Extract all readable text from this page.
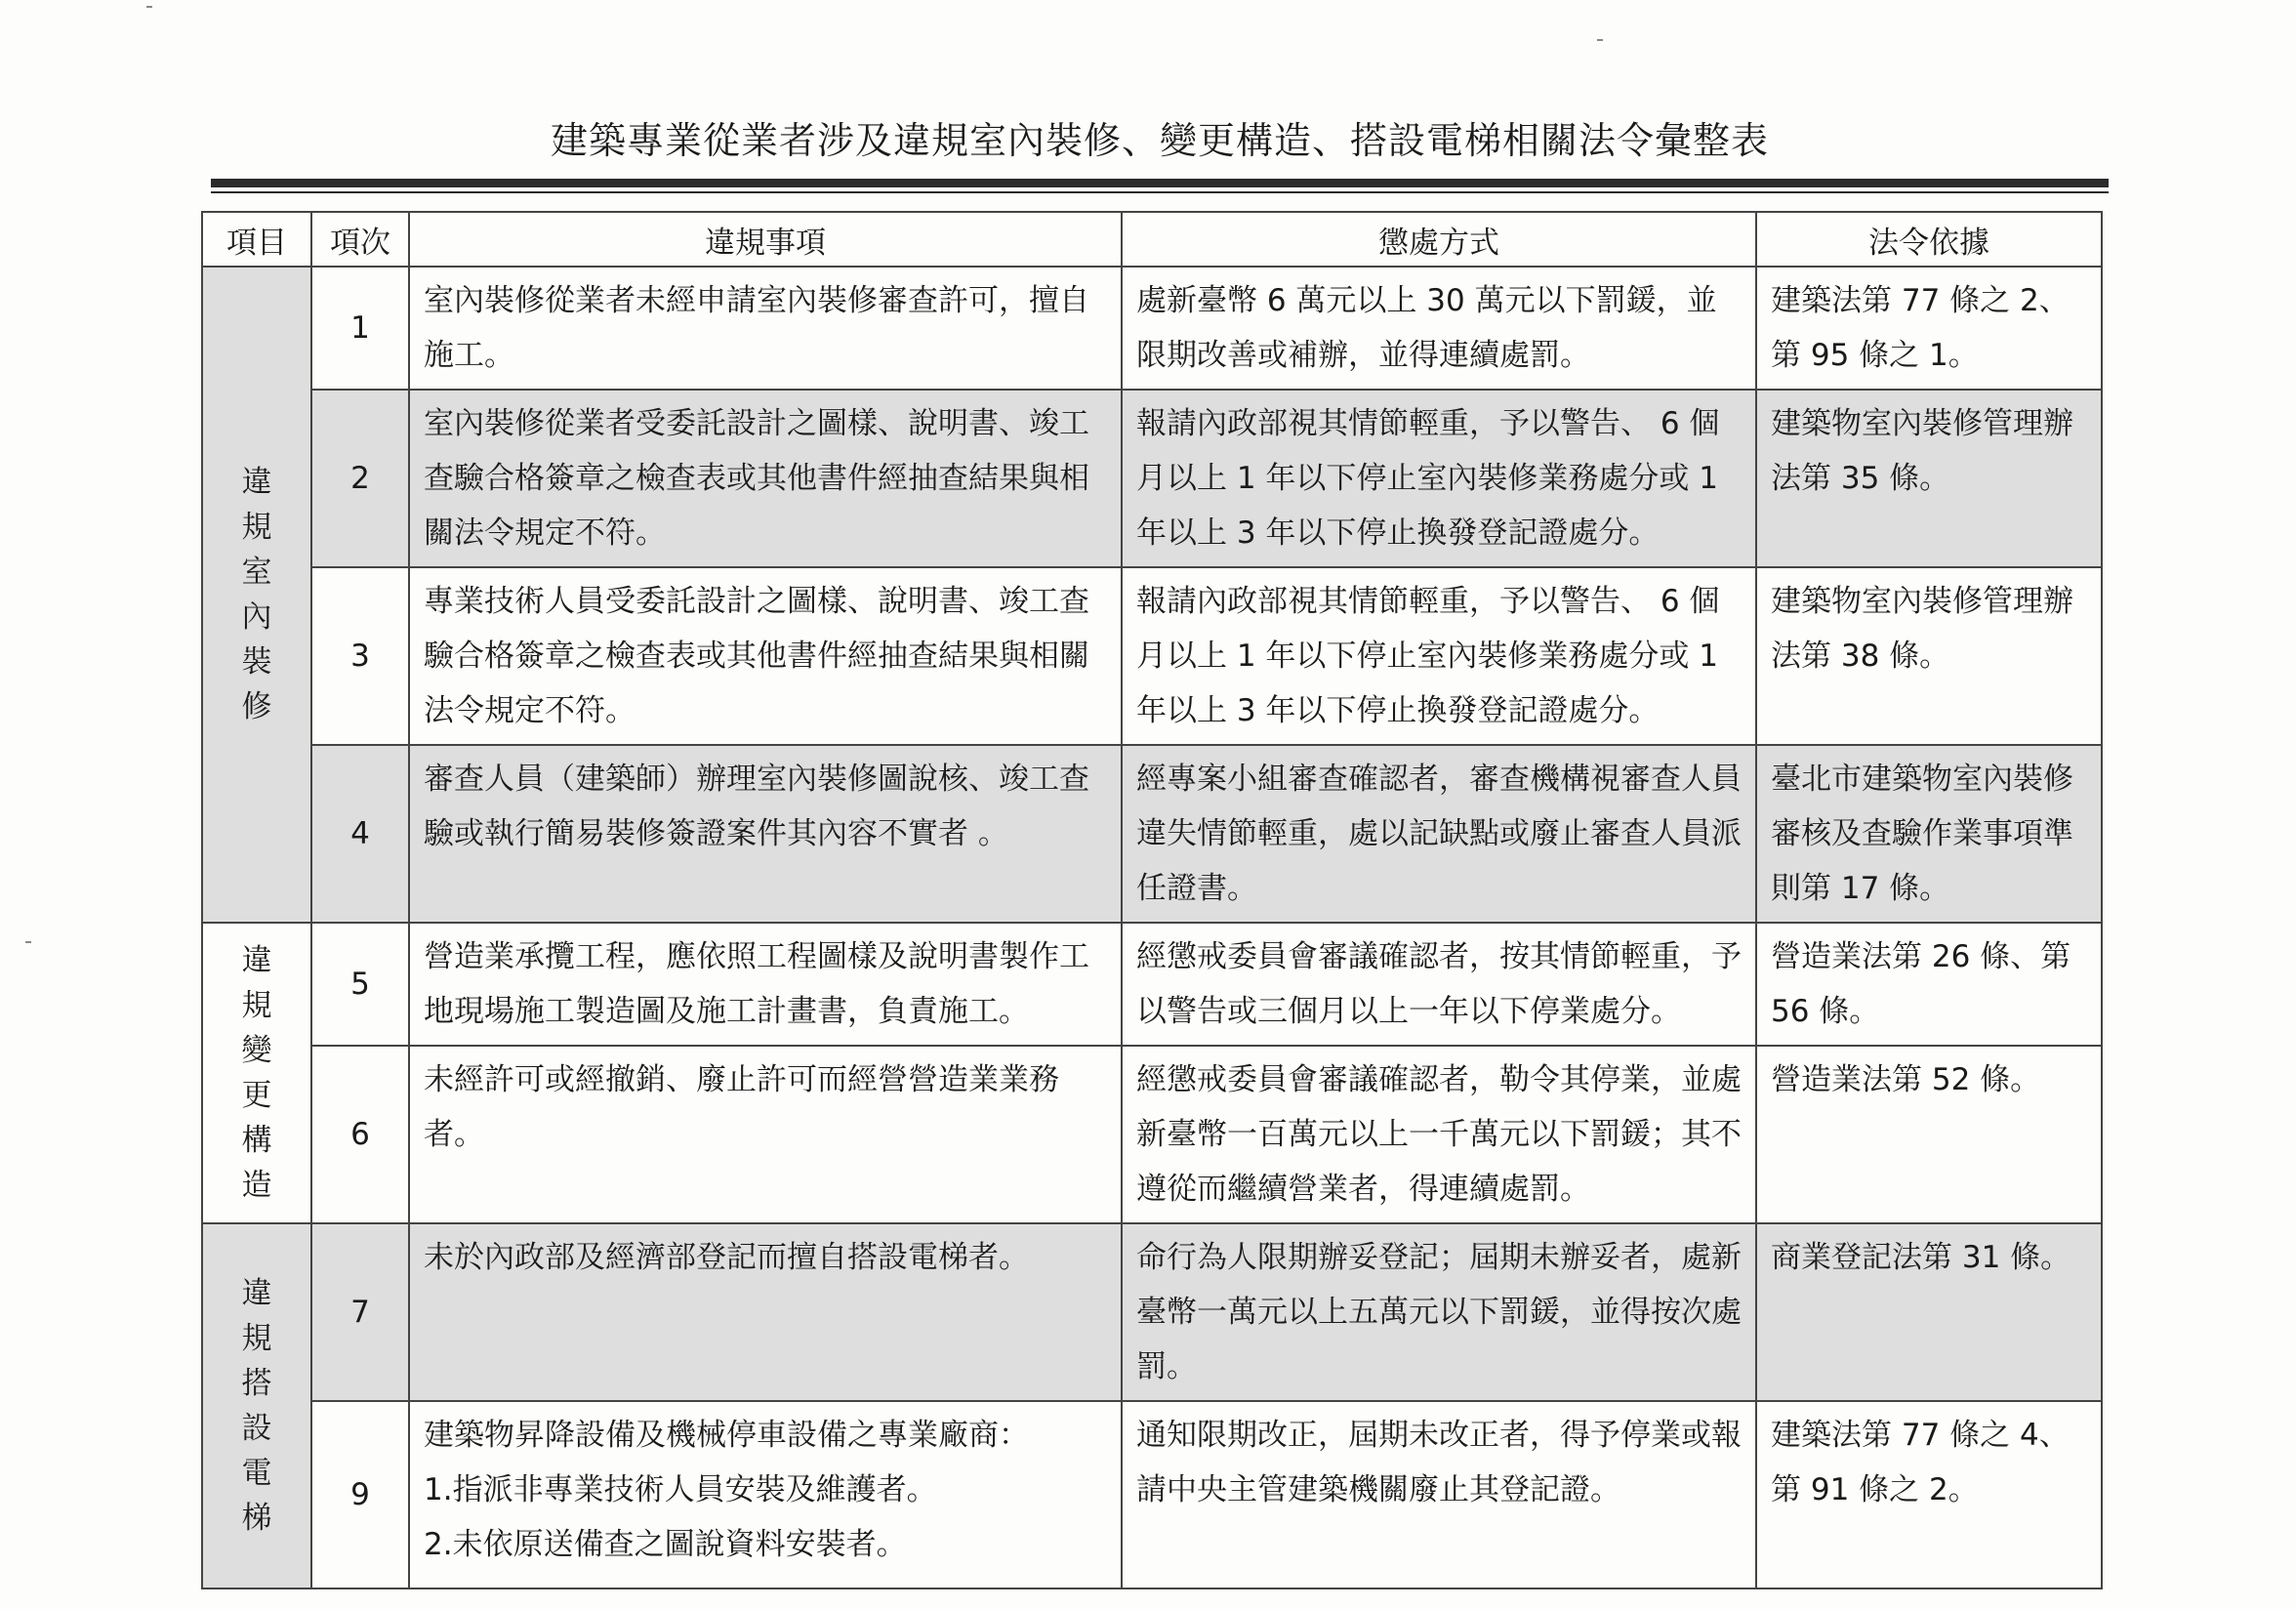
建築專業從業者涉及違規室內裝修、變更構造、搭設電梯相關法令彙整表
項目	項次	違規事項	懲處方式	法令依據
違規室內裝修	1	室內裝修從業者未經申請室內裝修審查許可，擅自施工。	處新臺幣 6 萬元以上 30 萬元以下罰鍰，並限期改善或補辦，並得連續處罰。	建築法第 77 條之 2、第 95 條之 1。
	2	室內裝修從業者受委託設計之圖樣、說明書、竣工查驗合格簽章之檢查表或其他書件經抽查結果與相關法令規定不符。	報請內政部視其情節輕重，予以警告、 6 個月以上 1 年以下停止室內裝修業務處分或 1 年以上 3 年以下停止換發登記證處分。	建築物室內裝修管理辦法第 35 條。
	3	專業技術人員受委託設計之圖樣、說明書、竣工查驗合格簽章之檢查表或其他書件經抽查結果與相關法令規定不符。	報請內政部視其情節輕重，予以警告、 6 個月以上 1 年以下停止室內裝修業務處分或 1 年以上 3 年以下停止換發登記證處分。	建築物室內裝修管理辦法第 38 條。
	4	審查人員（建築師）辦理室內裝修圖說核、竣工查驗或執行簡易裝修簽證案件其內容不實者 。	經專案小組審查確認者，審查機構視審查人員違失情節輕重，處以記缺點或廢止審查人員派任證書。	臺北市建築物室內裝修審核及查驗作業事項準則第 17 條。
違規變更構造	5	營造業承攬工程，應依照工程圖樣及說明書製作工地現場施工製造圖及施工計畫書，負責施工。	經懲戒委員會審議確認者，按其情節輕重，予以警告或三個月以上一年以下停業處分。	營造業法第 26 條、第 56 條。
	6	未經許可或經撤銷、廢止許可而經營營造業業務者。	經懲戒委員會審議確認者，勒令其停業，並處新臺幣一百萬元以上一千萬元以下罰鍰；其不遵從而繼續營業者，得連續處罰。	營造業法第 52 條。
違規搭設電梯	7	未於內政部及經濟部登記而擅自搭設電梯者。	命行為人限期辦妥登記；屆期未辦妥者，處新臺幣一萬元以上五萬元以下罰鍰，並得按次處罰。	商業登記法第 31 條。
	9	建築物昇降設備及機械停車設備之專業廠商：
1.指派非專業技術人員安裝及維護者。
2.未依原送備查之圖說資料安裝者。	通知限期改正，屆期未改正者，得予停業或報請中央主管建築機關廢止其登記證。	建築法第 77 條之 4、第 91 條之 2。
